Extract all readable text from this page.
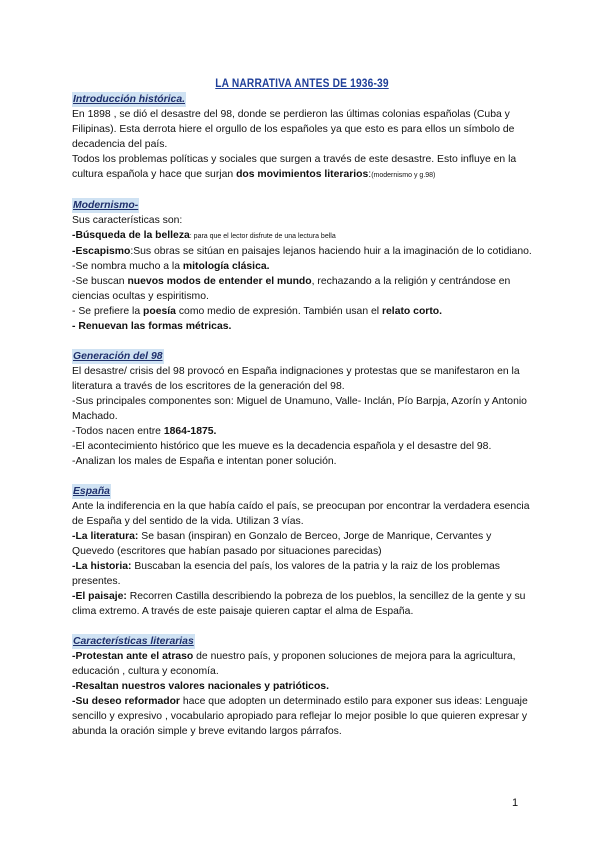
LA NARRATIVA ANTES DE 1936-39
Introducción histórica.

En 1898 , se dió el desastre del 98, donde se perdieron las últimas colonias españolas (Cuba y Filipinas). Esta derrota hiere el orgullo de los españoles ya que esto es para ellos un símbolo de decadencia del país.

Todos los problemas políticas y sociales que surgen a través de este desastre. Esto influye en la cultura española y hace que surjan dos movimientos literarios:(modernismo y g.98)

Modernismo-

Sus características son:

-Búsqueda de la belleza: para que el lector disfrute de una lectura bella

-Escapismo:Sus obras se sitúan en paisajes lejanos haciendo huir a la imaginación de lo cotidiano.

-Se nombra mucho a la mitología clásica.

-Se buscan nuevos modos de entender el mundo, rechazando a la religión y centrándose en ciencias ocultas y espiritismo.

- Se prefiere la poesía como medio de expresión. También usan el relato corto.

- Renuevan las formas métricas.

Generación del 98

El desastre/ crisis del 98 provocó en España indignaciones y protestas que se manifestaron en la literatura a través de los escritores de la generación del 98.

-Sus principales componentes son: Miguel de Unamuno, Valle- Inclán, Pío Barpja, Azorín y Antonio Machado.

-Todos nacen entre 1864-1875.

-El acontecimiento histórico que les mueve es la decadencia española y el desastre del 98.

-Analizan los males de España e intentan poner solución.

España

Ante la indiferencia en la que había caído el país, se preocupan por encontrar la verdadera esencia de España y del sentido de la vida. Utilizan 3 vías.

-La literatura: Se basan (inspiran) en Gonzalo de Berceo, Jorge de Manrique, Cervantes y Quevedo (escritores que habían pasado por situaciones parecidas)

-La historia: Buscaban la esencia del país, los valores de la patria y la raiz de los problemas presentes.

-El paisaje: Recorren Castilla describiendo la pobreza de los pueblos, la sencillez de la gente y su clima extremo. A través de este paisaje quieren captar el alma de España.

Características literarias

-Protestan ante el atraso de nuestro país, y proponen soluciones de mejora para la agricultura, educación , cultura y economía.

-Resaltan nuestros valores nacionales y patrióticos.

-Su deseo reformador hace que adopten un determinado estilo para exponer sus ideas: Lenguaje sencillo y expresivo , vocabulario apropiado para reflejar lo mejor posible lo que quieren expresar y abunda la oración simple y breve evitando largos párrafos.

1
